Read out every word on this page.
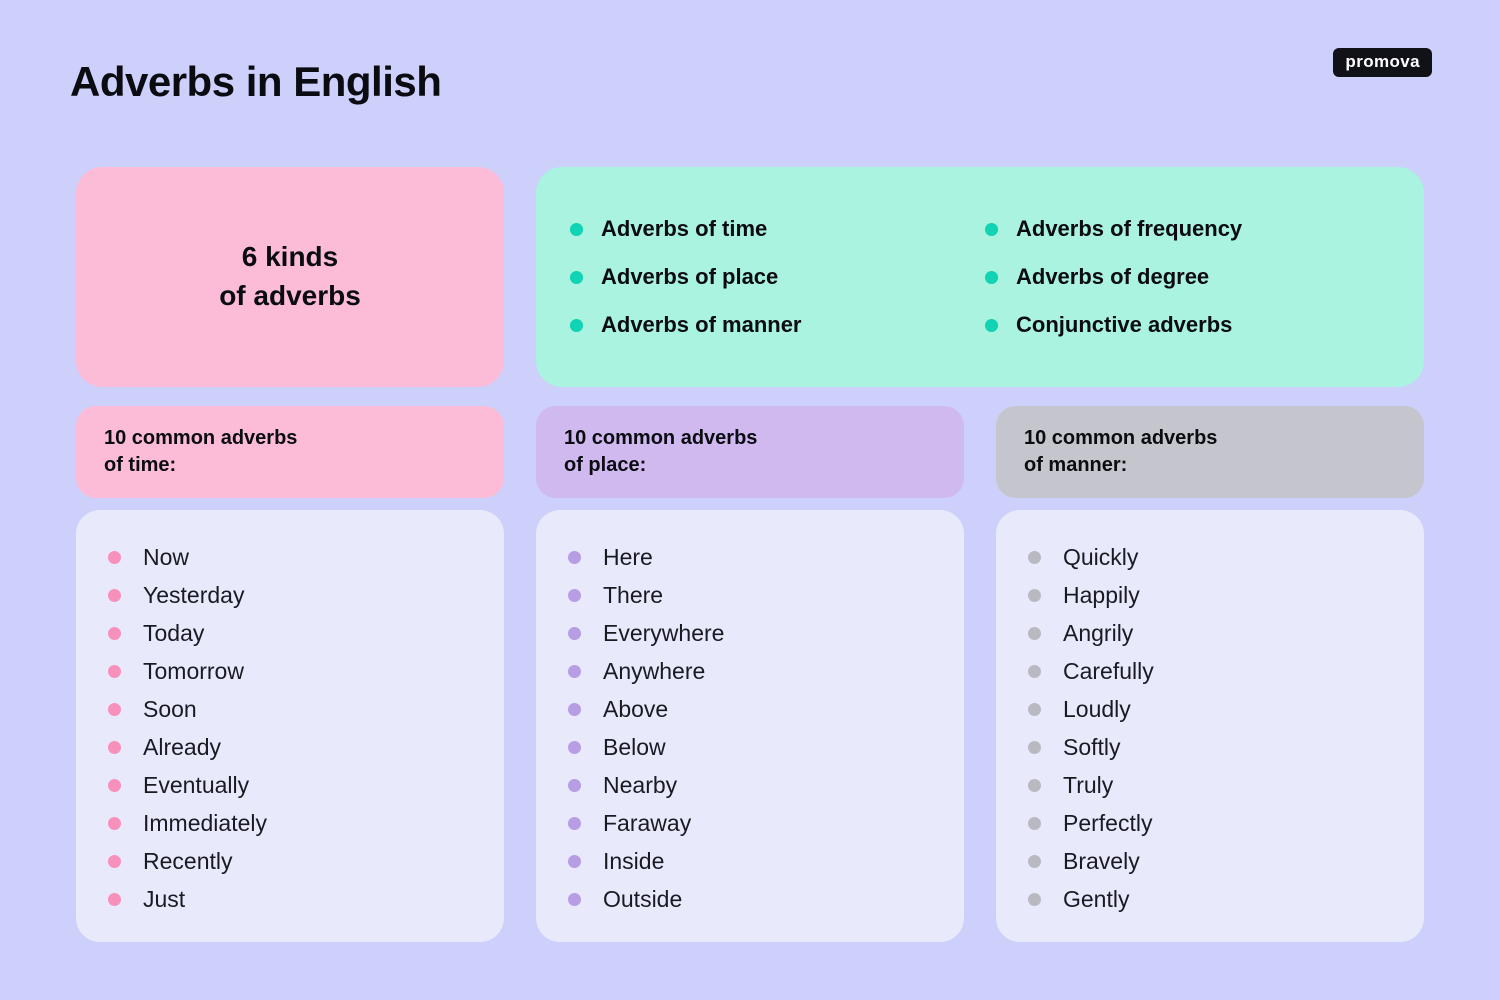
Adverbs in English	promova
6 kinds
of adverbs
Adverbs of time
Adverbs of place
Adverbs of manner
Adverbs of frequency
Adverbs of degree
Conjunctive adverbs
10 common adverbs
of time:
Now
Yesterday
Today
Tomorrow
Soon
Already
Eventually
Immediately
Recently
Just
10 common adverbs
of place:
Here
There
Everywhere
Anywhere
Above
Below
Nearby
Faraway
Inside
Outside
10 common adverbs
of manner:
Quickly
Happily
Angrily
Carefully
Loudly
Softly
Truly
Perfectly
Bravely
Gently
